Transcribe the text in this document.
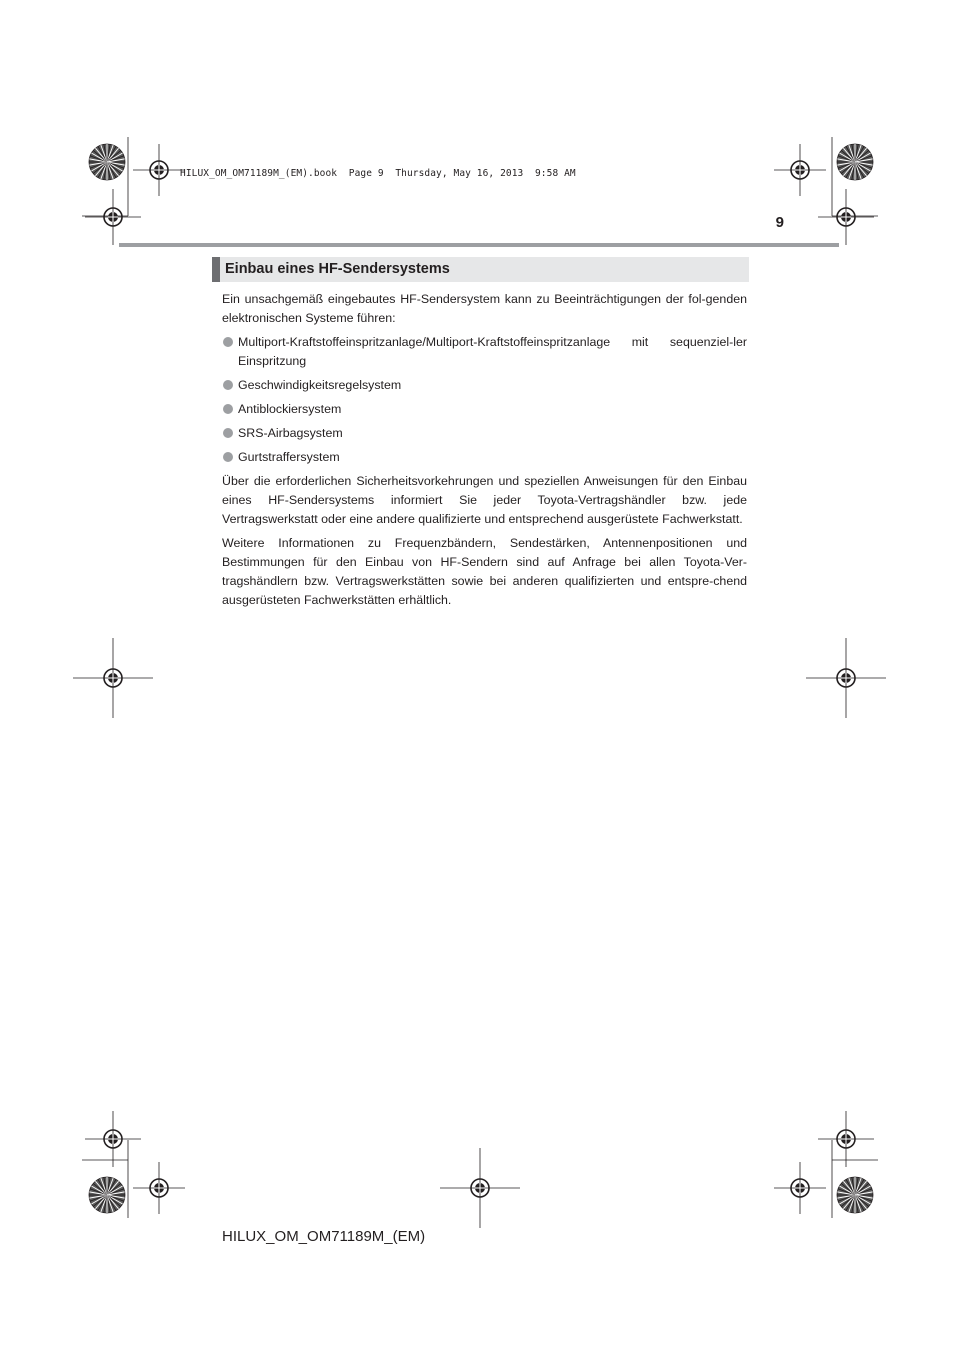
HILUX_OM_OM71189M_(EM).book  Page 9  Thursday, May 16, 2013  9:58 AM
9
Einbau eines HF-Sendersystems

Ein unsachgemäß eingebautes HF-Sendersystem kann zu Beeinträchtigungen der fol-genden elektronischen Systeme führen:

Multiport-Kraftstoffeinspritzanlage/Multiport-Kraftstoffeinspritzanlage mit sequenziel-ler Einspritzung
Geschwindigkeitsregelsystem
Antiblockiersystem
SRS-Airbagsystem
Gurtstraffersystem

Über die erforderlichen Sicherheitsvorkehrungen und speziellen Anweisungen für den Einbau eines HF-Sendersystems informiert Sie jeder Toyota-Vertragshändler bzw. jede Vertragswerkstatt oder eine andere qualifizierte und entsprechend ausgerüstete Fachwerkstatt.

Weitere Informationen zu Frequenzbändern, Sendestärken, Antennenpositionen und Bestimmungen für den Einbau von HF-Sendern sind auf Anfrage bei allen Toyota-Ver-tragshändlern bzw. Vertragswerkstätten sowie bei anderen qualifizierten und entspre-chend ausgerüsteten Fachwerkstätten erhältlich.

HILUX_OM_OM71189M_(EM)
